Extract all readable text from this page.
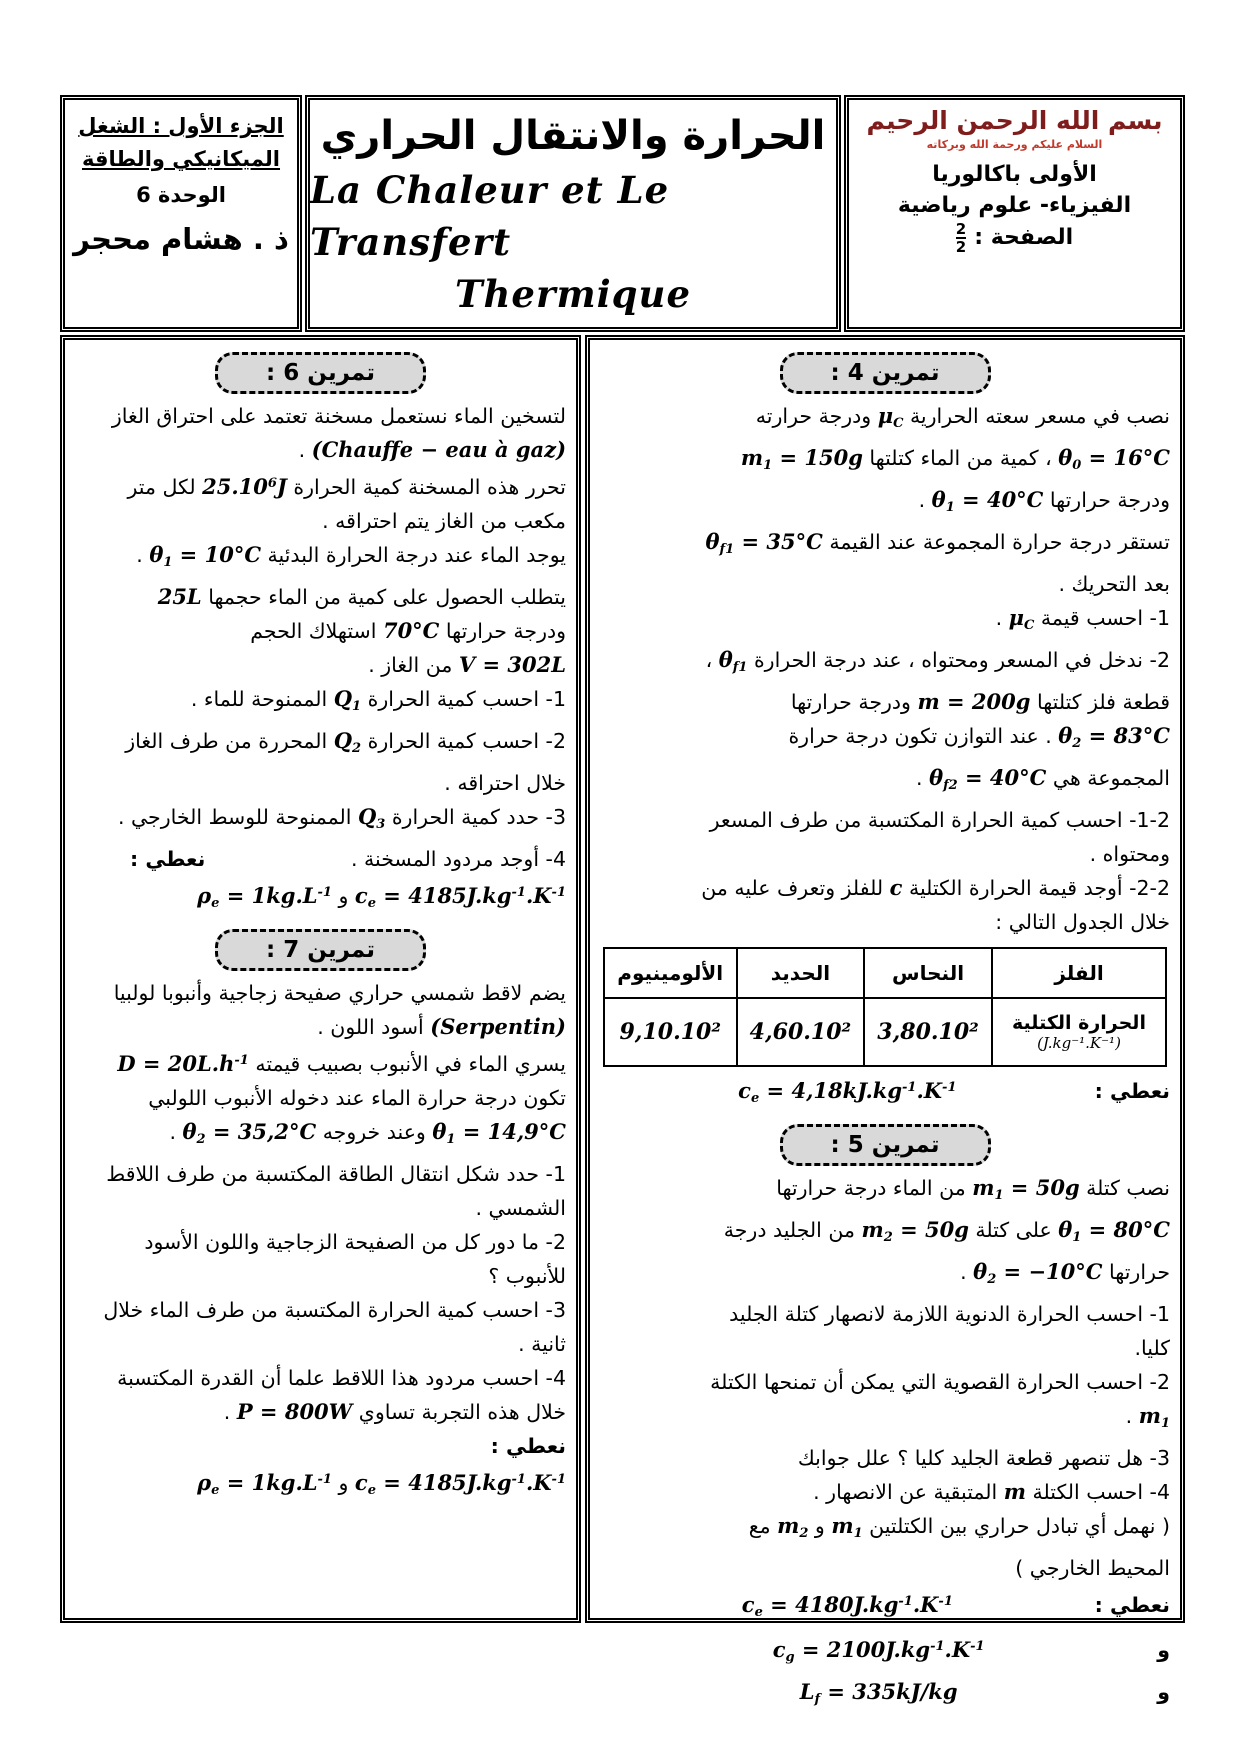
بسم الله الرحمن الرحيم
السلام عليكم ورحمة الله وبركاته
الأولى باكالوريا
الفيزياء- علوم رياضية
الصفحة :
$\frac{2}{2}$
الحرارة والانتقال الحراري
La Chaleur et Le Transfert
Thermique
الجزء الأول : الشغل
الميكانيكي والطاقة
الوحدة 6
ذ . هشام محجر
تمرين 4 :
نصب في مسعر سعته الحرارية $\mu_C$ ودرجة حرارته
$\theta_0 = 16^\circ C$ ، كمية من الماء كتلتها $m_1 = 150g$
ودرجة حرارتها $\theta_1 = 40^\circ C$ .
تستقر درجة حرارة المجموعة عند القيمة $\theta_{f1} = 35^\circ C$
بعد التحريك .
1- احسب قيمة $\mu_C$ .
2- ندخل في المسعر ومحتواه ، عند درجة الحرارة $\theta_{f1}$ ،
قطعة فلز كتلتها m = 200g ودرجة حرارتها
$\theta_2 = 83^\circ C$ . عند التوازن تكون درجة حرارة
المجموعة هي $\theta_{f2} = 40^\circ C$ .
2-1- احسب كمية الحرارة المكتسبة من طرف المسعر
ومحتواه .
2-2- أوجد قيمة الحرارة الكتلية c للفلز وتعرف عليه من
خلال الجدول التالي :
الفلز	النحاس	الحديد	الألومينيوم

الحرارة الكتلية
(J.kg⁻¹.K⁻¹)	3,80.10²	4,60.10²	9,10.10²
نعطي :
$c_e = 4,18kJ.kg^{-1}.K^{-1}$
تمرين 5 :
نصب كتلة $m_1 = 50g$ من الماء درجة حرارتها
$\theta_1 = 80^\circ C$ على كتلة $m_2 = 50g$ من الجليد درجة
حرارتها $\theta_2 = -10^\circ C$ .
1- احسب الحرارة الدنوية اللازمة لانصهار كتلة الجليد
كليا.
2- احسب الحرارة القصوية التي يمكن أن تمنحها الكتلة
$m_1$ .
3- هل تنصهر قطعة الجليد كليا ؟ علل جوابك
4- احسب الكتلة m المتبقية عن الانصهار .
( نهمل أي تبادل حراري بين الكتلتين $m_1$ و $m_2$ مع
المحيط الخارجي )
نعطي :
$c_e = 4180J.kg^{-1}.K^{-1}$
و
$c_g = 2100J.kg^{-1}.K^{-1}$
و
$L_f = 335kJ/kg$
تمرين 6 :
لتسخين الماء نستعمل مسخنة تعتمد على احتراق الغاز
(Chauffe − eau à gaz) .
تحرر هذه المسخنة كمية الحرارة 25.10$^6$J لكل متر
مكعب من الغاز يتم احتراقه .
يوجد الماء عند درجة الحرارة البدئية $\theta_1 = 10^\circ C$ .
يتطلب الحصول على كمية من الماء حجمها 25L
ودرجة حرارتها 70°C استهلاك الحجم
V = 302L من الغاز .
1- احسب كمية الحرارة $Q_1$ الممنوحة للماء .
2- احسب كمية الحرارة $Q_2$ المحررة من طرف الغاز
خلال احتراقه .
3- حدد كمية الحرارة $Q_3$ الممنوحة للوسط الخارجي .
4- أوجد مردود المسخنة .
نعطي :
$c_e = 4185J.kg^{-1}.K^{-1}$ و $\rho_e = 1kg.L^{-1}$
تمرين 7 :
يضم لاقط شمسي حراري صفيحة زجاجية وأنبوبا لولبيا
(Serpentin) أسود اللون .
يسري الماء في الأنبوب بصبيب قيمته $D = 20L.h^{-1}$
تكون درجة حرارة الماء عند دخوله الأنبوب اللولبي
$\theta_1 = 14,9^\circ C$ وعند خروجه $\theta_2 = 35,2^\circ C$ .
1- حدد شكل انتقال الطاقة المكتسبة من طرف اللاقط
الشمسي .
2- ما دور كل من الصفيحة الزجاجية واللون الأسود
للأنبوب ؟
3- احسب كمية الحرارة المكتسبة من طرف الماء خلال
ثانية .
4- احسب مردود هذا اللاقط علما أن القدرة المكتسبة
خلال هذه التجربة تساوي P = 800W .
نعطي :
$c_e = 4185J.kg^{-1}.K^{-1}$ و $\rho_e = 1kg.L^{-1}$
